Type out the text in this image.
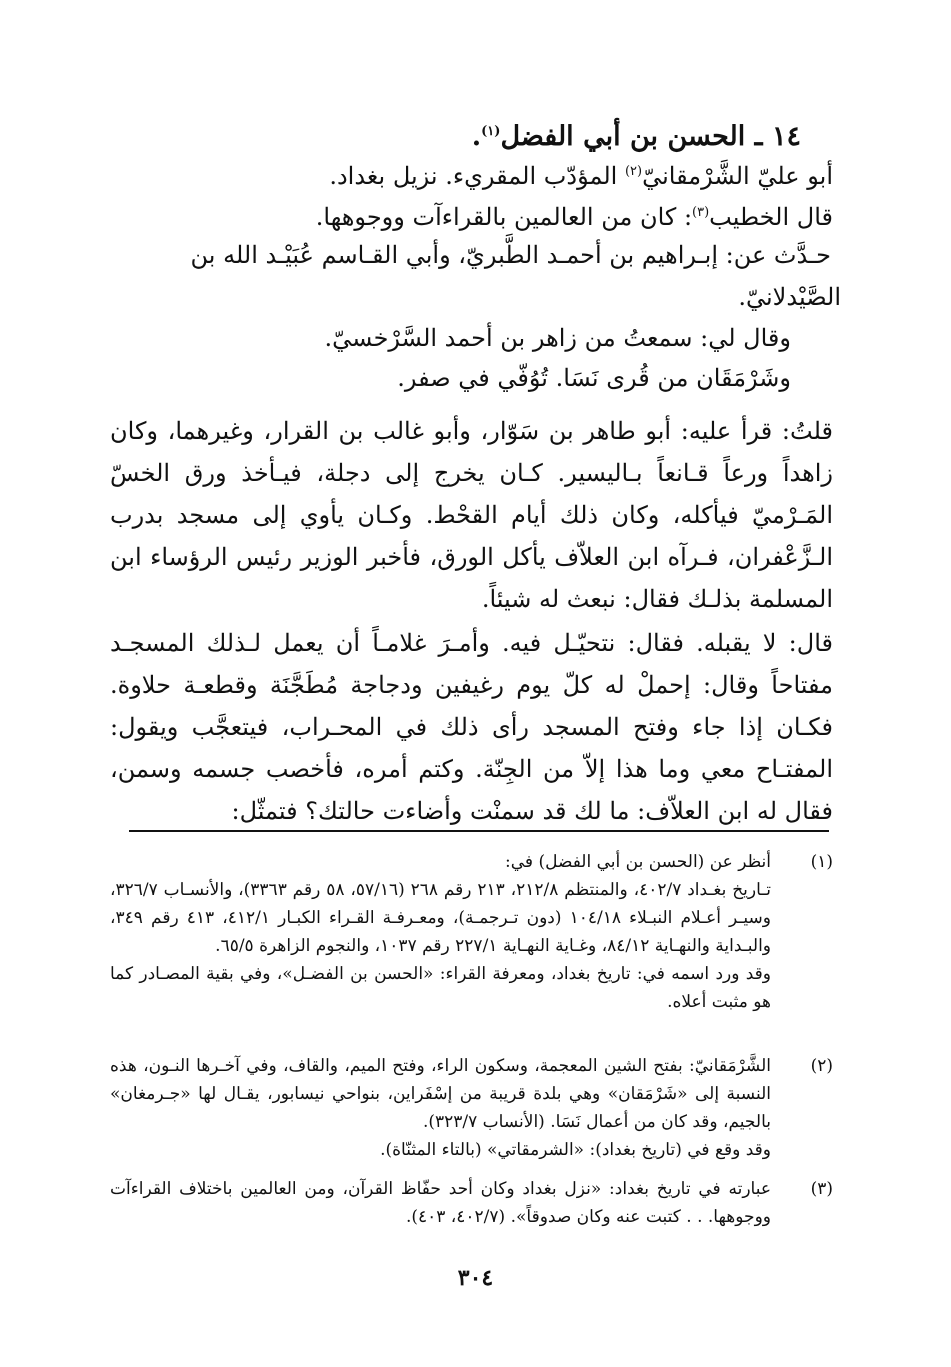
١٤ ـ الحسن بن أبي الفضل$^{(١)}$.
أبو عليّ الشَّرْمقانيّ$^{(٢)}$ المؤدّب المقريء. نزيل بغداد.
قال الخطيب$^{(٣)}$: كان من العالمين بالقراءآت ووجوهها.
حـدَّث عن: إبـراهيم بن أحمـد الطَّبريّ، وأبي القـاسم عُبَيْـد الله بن
الصَّيْدلانيّ.
وقال لي: سمعتُ من زاهر بن أحمد السَّرْخسيّ.
وشَرْمَقَان من قُرى نَسَا. تُوُفّي في صفر.
قلتُ: قرأ عليه: أبو طاهر بن سَوّار، وأبو غالب بن القرار، وغيرهما، وكان زاهداً ورعاً قـانعاً بـاليسير. كـان يخرج إلى دجلة، فيـأخذ ورق الخسّ المَـرْميّ فيأكله، وكان ذلك أيام القحْط. وكـان يأوي إلى مسجد بدرب الـزَّعْفران، فـرآه ابن العلاّف يأكل الورق، فأخبر الوزير رئيس الرؤساء ابن المسلمة بذلـك فقال: نبعث له شيئاً.
قال: لا يقبله. فقال: نتحيّـل فيه. وأمـرَ غلامـاً أن يعمل لـذلك المسجـد مفتاحاً وقال: إحملْ له كلّ يوم رغيفين ودجاجة مُطَجَّنَة وقطعـة حلاوة. فكـان إذا جاء وفتح المسجد رأى ذلك في المحـراب، فيتعجَّب ويقول: المفتـاح معي وما هذا إلاّ من الجِنّة. وكتم أمره، فأخصب جسمه وسمن، فقال له ابن العلاّف: ما لك قد سمنْت وأضاءت حالتك؟ فتمثّل:
(١)

أنظر عن (الحسن بن أبي الفضل) في:

تـاريخ بغـداد ٤٠٢/٧، والمنتظم ٢١٢/٨، ٢١٣ رقم ٢٦٨ (٥٧/١٦، ٥٨ رقم ٣٣٦٣)، والأنسـاب ٣٢٦/٧، وسيـر أعـلام النبـلاء ١٠٤/١٨ (دون تـرجمـة)، ومعـرفـة القـراء الكبـار ٤١٢/١، ٤١٣ رقم ٣٤٩، والبـداية والنهـاية ٨٤/١٢، وغـاية النهـاية ٢٢٧/١ رقم ١٠٣٧، والنجوم الزاهرة ٦٥/٥.

وقد ورد اسمه في: تاريخ بغداد، ومعرفة القراء: «الحسن بن الفضـل»، وفي بقية المصـادر كما هو مثبت أعلاه.

(٢)

الشَّرْمَقانيّ: بفتح الشين المعجمة، وسكون الراء، وفتح الميم، والقاف، وفي آخـرها النـون، هذه النسبة إلى «شَرْمَقان» وهي بلدة قريبة من إسْفَراين، بنواحي نيسابور، يقـال لها «جـرمغان» بالجيم، وقد كان من أعمال نَسَا. (الأنساب ٣٢٣/٧).

وقد وقع في (تاريخ بغداد): «الشرمقاتي» (بالتاء المثنّاة).

(٣)

عبارته في تاريخ بغداد: «نزل بغداد وكان أحد حفّاظ القرآن، ومن العالمين باختلاف القراءآت ووجوهها. . . كتبت عنه وكان صدوقاً». (٤٠٢/٧، ٤٠٣).

٣٠٤
